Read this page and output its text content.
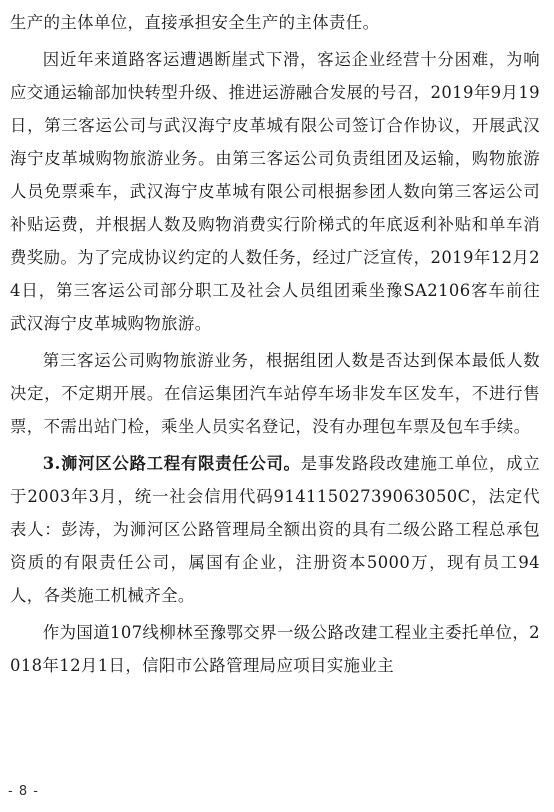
生产的主体单位，直接承担安全生产的主体责任。

因近年来道路客运遭遇断崖式下滑，客运企业经营十分困难，为响应交通运输部加快转型升级、推进运游融合发展的号召，2019年9月19日，第三客运公司与武汉海宁皮革城有限公司签订合作协议，开展武汉海宁皮革城购物旅游业务。由第三客运公司负责组团及运输，购物旅游人员免票乘车，武汉海宁皮革城有限公司根据参团人数向第三客运公司补贴运费，并根据人数及购物消费实行阶梯式的年底返利补贴和单车消费奖励。为了完成协议约定的人数任务，经过广泛宣传，2019年12月24日，第三客运公司部分职工及社会人员组团乘坐豫SA2106客车前往武汉海宁皮革城购物旅游。

第三客运公司购物旅游业务，根据组团人数是否达到保本最低人数决定，不定期开展。在信运集团汽车站停车场非发车区发车，不进行售票，不需出站门检，乘坐人员实名登记，没有办理包车票及包车手续。

3.浉河区公路工程有限责任公司。是事发路段改建施工单位，成立于2003年3月，统一社会信用代码91411502739063050C，法定代表人：彭涛，为浉河区公路管理局全额出资的具有二级公路工程总承包资质的有限责任公司，属国有企业，注册资本5000万，现有员工94人，各类施工机械齐全。

作为国道107线柳林至豫鄂交界一级公路改建工程业主委托单位，2018年12月1日，信阳市公路管理局应项目实施业主

- 8 -
